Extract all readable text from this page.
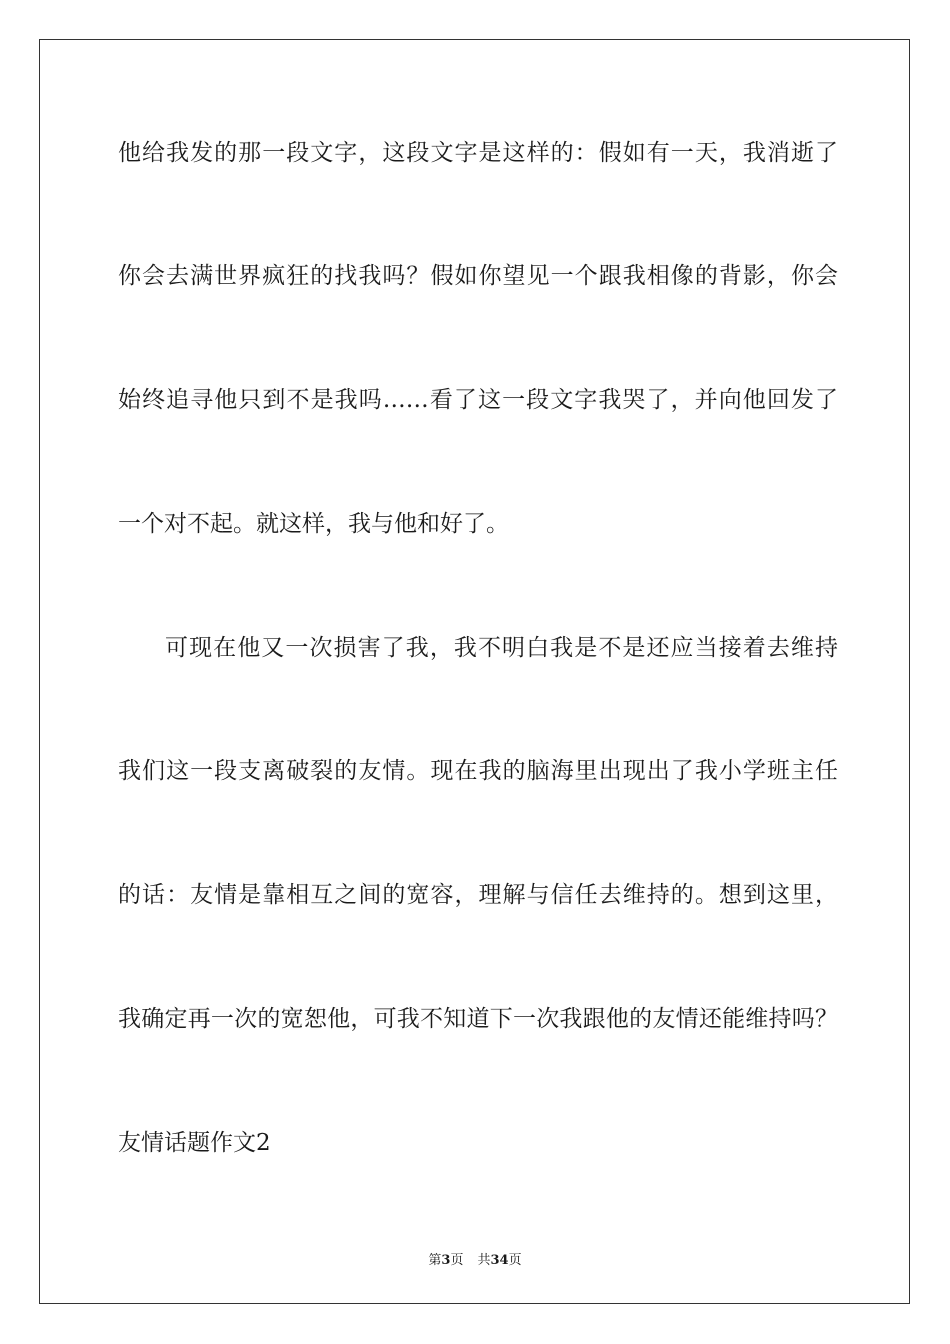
他给我发的那一段文字，这段文字是这样的：假如有一天，我消逝了
你会去满世界疯狂的找我吗？假如你望见一个跟我相像的背影，你会
始终追寻他只到不是我吗……看了这一段文字我哭了，并向他回发了
一个对不起。就这样，我与他和好了。
可现在他又一次损害了我，我不明白我是不是还应当接着去维持
我们这一段支离破裂的友情。现在我的脑海里出现出了我小学班主任
的话：友情是靠相互之间的宽容，理解与信任去维持的。想到这里，
我确定再一次的宽恕他，可我不知道下一次我跟他的友情还能维持吗？
友情话题作文2
第3页 共34页
